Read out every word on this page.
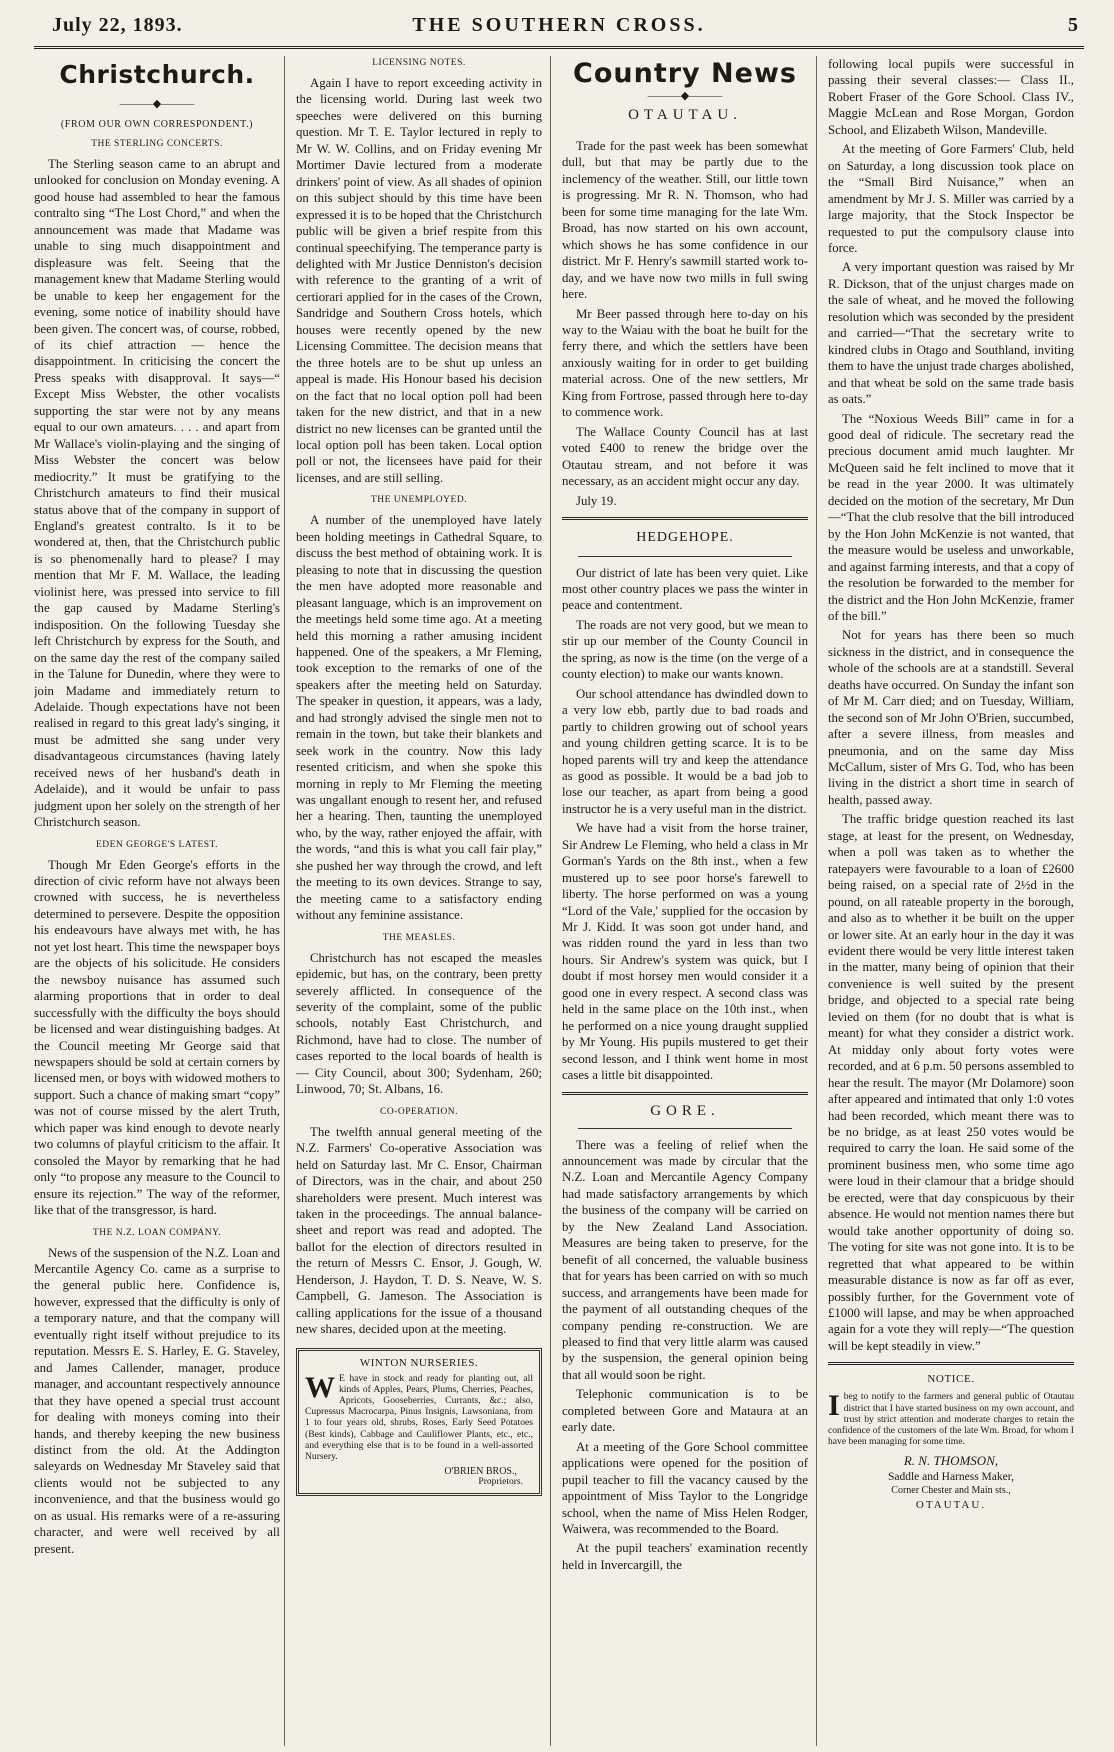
July 22, 1893.	THE SOUTHERN CROSS.	5
Christchurch.
———◆———
(FROM OUR OWN CORRESPONDENT.)
THE STERLING CONCERTS.

The Sterling season came to an abrupt and unlooked for conclusion on Monday evening. A good house had assembled to hear the famous contralto sing “The Lost Chord,” and when the announcement was made that Madame was unable to sing much disappointment and displeasure was felt. Seeing that the management knew that Madame Sterling would be unable to keep her engagement for the evening, some notice of inability should have been given. The concert was, of course, robbed, of its chief attraction — hence the disappointment. In criticising the concert the Press speaks with disapproval. It says—“ Except Miss Webster, the other vocalists supporting the star were not by any means equal to our own amateurs. . . . and apart from Mr Wallace's violin-playing and the singing of Miss Webster the concert was below mediocrity.” It must be gratifying to the Christchurch amateurs to find their musical status above that of the company in support of England's greatest contralto. Is it to be wondered at, then, that the Christchurch public is so phenomenally hard to please? I may mention that Mr F. M. Wallace, the leading violinist here, was pressed into service to fill the gap caused by Madame Sterling's indisposition. On the following Tuesday she left Christchurch by express for the South, and on the same day the rest of the company sailed in the Talune for Dunedin, where they were to join Madame and immediately return to Adelaide. Though expectations have not been realised in regard to this great lady's singing, it must be admitted she sang under very disadvantageous circumstances (having lately received news of her husband's death in Adelaide), and it would be unfair to pass judgment upon her solely on the strength of her Christchurch season.

EDEN GEORGE'S LATEST.

Though Mr Eden George's efforts in the direction of civic reform have not always been crowned with success, he is nevertheless determined to persevere. Despite the opposition his endeavours have always met with, he has not yet lost heart. This time the newspaper boys are the objects of his solicitude. He considers the newsboy nuisance has assumed such alarming proportions that in order to deal successfully with the difficulty the boys should be licensed and wear distinguishing badges. At the Council meeting Mr George said that newspapers should be sold at certain corners by licensed men, or boys with widowed mothers to support. Such a chance of making smart “copy” was not of course missed by the alert Truth, which paper was kind enough to devote nearly two columns of playful criticism to the affair. It consoled the Mayor by remarking that he had only “to propose any measure to the Council to ensure its rejection.” The way of the reformer, like that of the transgressor, is hard.

THE N.Z. LOAN COMPANY.

News of the suspension of the N.Z. Loan and Mercantile Agency Co. came as a surprise to the general public here. Confidence is, however, expressed that the difficulty is only of a temporary nature, and that the company will eventually right itself without prejudice to its reputation. Messrs E. S. Harley, E. G. Staveley, and James Callender, manager, produce manager, and accountant respectively announce that they have opened a special trust account for dealing with moneys coming into their hands, and thereby keeping the new business distinct from the old. At the Addington saleyards on Wednesday Mr Staveley said that clients would not be subjected to any inconvenience, and that the business would go on as usual. His remarks were of a re-assuring character, and were well received by all present.

LICENSING NOTES.

Again I have to report exceeding activity in the licensing world. During last week two speeches were delivered on this burning question. Mr T. E. Taylor lectured in reply to Mr W. W. Collins, and on Friday evening Mr Mortimer Davie lectured from a moderate drinkers' point of view. As all shades of opinion on this subject should by this time have been expressed it is to be hoped that the Christchurch public will be given a brief respite from this continual speechifying. The temperance party is delighted with Mr Justice Denniston's decision with reference to the granting of a writ of certiorari applied for in the cases of the Crown, Sandridge and Southern Cross hotels, which houses were recently opened by the new Licensing Committee. The decision means that the three hotels are to be shut up unless an appeal is made. His Honour based his decision on the fact that no local option poll had been taken for the new district, and that in a new district no new licenses can be granted until the local option poll has been taken. Local option poll or not, the licensees have paid for their licenses, and are still selling.

THE UNEMPLOYED.

A number of the unemployed have lately been holding meetings in Cathedral Square, to discuss the best method of obtaining work. It is pleasing to note that in discussing the question the men have adopted more reasonable and pleasant language, which is an improvement on the meetings held some time ago. At a meeting held this morning a rather amusing incident happened. One of the speakers, a Mr Fleming, took exception to the remarks of one of the speakers after the meeting held on Saturday. The speaker in question, it appears, was a lady, and had strongly advised the single men not to remain in the town, but take their blankets and seek work in the country. Now this lady resented criticism, and when she spoke this morning in reply to Mr Fleming the meeting was ungallant enough to resent her, and refused her a hearing. Then, taunting the unemployed who, by the way, rather enjoyed the affair, with the words, “and this is what you call fair play,” she pushed her way through the crowd, and left the meeting to its own devices. Strange to say, the meeting came to a satisfactory ending without any feminine assistance.

THE MEASLES.

Christchurch has not escaped the measles epidemic, but has, on the contrary, been pretty severely afflicted. In consequence of the severity of the complaint, some of the public schools, notably East Christchurch, and Richmond, have had to close. The number of cases reported to the local boards of health is — City Council, about 300; Sydenham, 260; Linwood, 70; St. Albans, 16.

CO-OPERATION.

The twelfth annual general meeting of the N.Z. Farmers' Co-operative Association was held on Saturday last. Mr C. Ensor, Chairman of Directors, was in the chair, and about 250 shareholders were present. Much interest was taken in the proceedings. The annual balance-sheet and report was read and adopted. The ballot for the election of directors resulted in the return of Messrs C. Ensor, J. Gough, W. Henderson, J. Haydon, T. D. S. Neave, W. S. Campbell, G. Jameson. The Association is calling applications for the issue of a thousand new shares, decided upon at the meeting.

WINTON NURSERIES.
W E have in stock and ready for planting out, all kinds of Apples, Pears, Plums, Cherries, Peaches, Apricots, Gooseberries, Currants, &c.; also, Cupressus Macrocarpa, Pinus Insignis, Lawsoniana, from 1 to four years old, shrubs, Roses, Early Seed Potatoes (Best kinds), Cabbage and Cauliflower Plants, etc., etc., and everything else that is to be found in a well-assorted Nursery.
O'BRIEN BROS.,
Proprietors.
Country News
———◆———
OTAUTAU.

Trade for the past week has been somewhat dull, but that may be partly due to the inclemency of the weather. Still, our little town is progressing. Mr R. N. Thomson, who had been for some time managing for the late Wm. Broad, has now started on his own account, which shows he has some confidence in our district. Mr F. Henry's sawmill started work to-day, and we have now two mills in full swing here.

Mr Beer passed through here to-day on his way to the Waiau with the boat he built for the ferry there, and which the settlers have been anxiously waiting for in order to get building material across. One of the new settlers, Mr King from Fortrose, passed through here to-day to commence work.

The Wallace County Council has at last voted £400 to renew the bridge over the Otautau stream, and not before it was necessary, as an accident might occur any day.

July 19.
HEDGEHOPE.

Our district of late has been very quiet. Like most other country places we pass the winter in peace and contentment.

The roads are not very good, but we mean to stir up our member of the County Council in the spring, as now is the time (on the verge of a county election) to make our wants known.

Our school attendance has dwindled down to a very low ebb, partly due to bad roads and partly to children growing out of school years and young children getting scarce. It is to be hoped parents will try and keep the attendance as good as possible. It would be a bad job to lose our teacher, as apart from being a good instructor he is a very useful man in the district.

We have had a visit from the horse trainer, Sir Andrew Le Fleming, who held a class in Mr Gorman's Yards on the 8th inst., when a few mustered up to see poor horse's farewell to liberty. The horse performed on was a young “Lord of the Vale,' supplied for the occasion by Mr J. Kidd. It was soon got under hand, and was ridden round the yard in less than two hours. Sir Andrew's system was quick, but I doubt if most horsey men would consider it a good one in every respect. A second class was held in the same place on the 10th inst., when he performed on a nice young draught supplied by Mr Young. His pupils mustered to get their second lesson, and I think went home in most cases a little bit disappointed.

GORE.

There was a feeling of relief when the announcement was made by circular that the N.Z. Loan and Mercantile Agency Company had made satisfactory arrangements by which the business of the company will be carried on by the New Zealand Land Association. Measures are being taken to preserve, for the benefit of all concerned, the valuable business that for years has been carried on with so much success, and arrangements have been made for the payment of all outstanding cheques of the company pending re-construction. We are pleased to find that very little alarm was caused by the suspension, the general opinion being that all would soon be right.

Telephonic communication is to be completed between Gore and Mataura at an early date.

At a meeting of the Gore School committee applications were opened for the position of pupil teacher to fill the vacancy caused by the appointment of Miss Taylor to the Longridge school, when the name of Miss Helen Rodger, Waiwera, was recommended to the Board.

At the pupil teachers' examination recently held in Invercargill, the

following local pupils were successful in passing their several classes:— Class II., Robert Fraser of the Gore School. Class IV., Maggie McLean and Rose Morgan, Gordon School, and Elizabeth Wilson, Mandeville.

At the meeting of Gore Farmers' Club, held on Saturday, a long discussion took place on the “Small Bird Nuisance,” when an amendment by Mr J. S. Miller was carried by a large majority, that the Stock Inspector be requested to put the compulsory clause into force.

A very important question was raised by Mr R. Dickson, that of the unjust charges made on the sale of wheat, and he moved the following resolution which was seconded by the president and carried—“That the secretary write to kindred clubs in Otago and Southland, inviting them to have the unjust trade charges abolished, and that wheat be sold on the same trade basis as oats.”

The “Noxious Weeds Bill” came in for a good deal of ridicule. The secretary read the precious document amid much laughter. Mr McQueen said he felt inclined to move that it be read in the year 2000. It was ultimately decided on the motion of the secretary, Mr Dun—“That the club resolve that the bill introduced by the Hon John McKenzie is not wanted, that the measure would be useless and unworkable, and against farming interests, and that a copy of the resolution be forwarded to the member for the district and the Hon John McKenzie, framer of the bill.”

Not for years has there been so much sickness in the district, and in consequence the whole of the schools are at a standstill. Several deaths have occurred. On Sunday the infant son of Mr M. Carr died; and on Tuesday, William, the second son of Mr John O'Brien, succumbed, after a severe illness, from measles and pneumonia, and on the same day Miss McCallum, sister of Mrs G. Tod, who has been living in the district a short time in search of health, passed away.

The traffic bridge question reached its last stage, at least for the present, on Wednesday, when a poll was taken as to whether the ratepayers were favourable to a loan of £2600 being raised, on a special rate of 2½d in the pound, on all rateable property in the borough, and also as to whether it be built on the upper or lower site. At an early hour in the day it was evident there would be very little interest taken in the matter, many being of opinion that their convenience is well suited by the present bridge, and objected to a special rate being levied on them (for no doubt that is what is meant) for what they consider a district work. At midday only about forty votes were recorded, and at 6 p.m. 50 persons assembled to hear the result. The mayor (Mr Dolamore) soon after appeared and intimated that only 1:0 votes had been recorded, which meant there was to be no bridge, as at least 250 votes would be required to carry the loan. He said some of the prominent business men, who some time ago were loud in their clamour that a bridge should be erected, were that day conspicuous by their absence. He would not mention names there but would take another opportunity of doing so. The voting for site was not gone into. It is to be regretted that what appeared to be within measurable distance is now as far off as ever, possibly further, for the Government vote of £1000 will lapse, and may be when approached again for a vote they will reply—“The question will be kept steadily in view.”

NOTICE.
I beg to notify to the farmers and general public of Otautau district that I have started business on my own account, and trust by strict attention and moderate charges to retain the confidence of the customers of the late Wm. Broad, for whom I have been managing for some time.
R. N. THOMSON,
Saddle and Harness Maker,
Corner Chester and Main sts.,
OTAUTAU.
